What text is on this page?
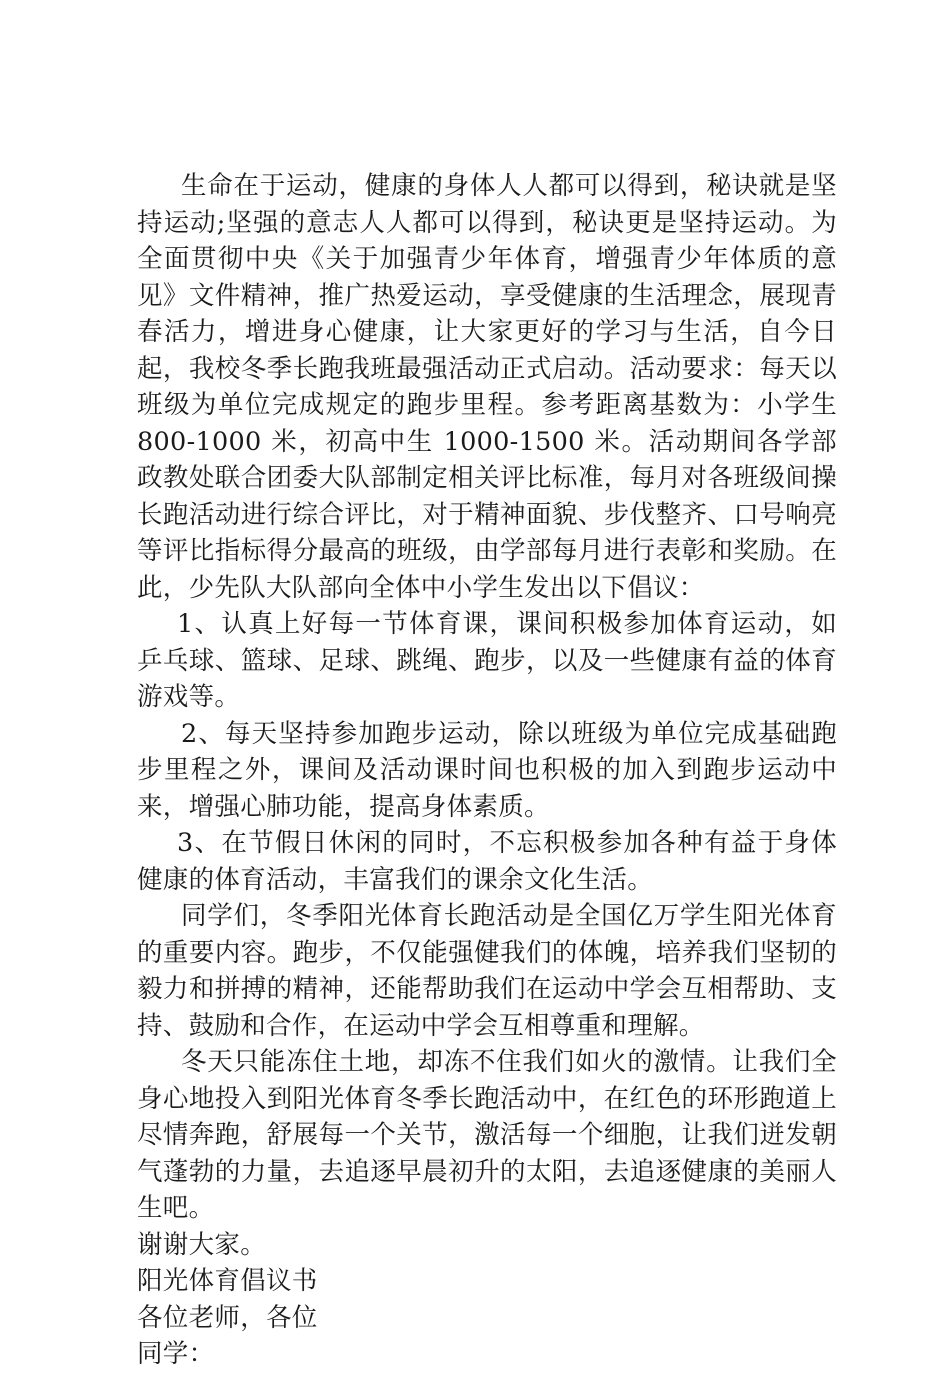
生命在于运动，健康的身体人人都可以得到，秘诀就是坚持运动;坚强的意志人人都可以得到，秘诀更是坚持运动。为全面贯彻中央《关于加强青少年体育，增强青少年体质的意见》文件精神，推广热爱运动，享受健康的生活理念，展现青春活力，增进身心健康，让大家更好的学习与生活，自今日起，我校冬季长跑我班最强活动正式启动。活动要求：每天以班级为单位完成规定的跑步里程。参考距离基数为：小学生 800-1000 米，初高中生 1000-1500 米。活动期间各学部政教处联合团委大队部制定相关评比标准，每月对各班级间操长跑活动进行综合评比，对于精神面貌、步伐整齐、口号响亮等评比指标得分最高的班级，由学部每月进行表彰和奖励。在此，少先队大队部向全体中小学生发出以下倡议：

1、认真上好每一节体育课，课间积极参加体育运动，如乒乓球、篮球、足球、跳绳、跑步，以及一些健康有益的体育游戏等。

2、每天坚持参加跑步运动，除以班级为单位完成基础跑步里程之外，课间及活动课时间也积极的加入到跑步运动中来，增强心肺功能，提高身体素质。

3、在节假日休闲的同时，不忘积极参加各种有益于身体健康的体育活动，丰富我们的课余文化生活。

同学们，冬季阳光体育长跑活动是全国亿万学生阳光体育的重要内容。跑步，不仅能强健我们的体魄，培养我们坚韧的毅力和拼搏的精神，还能帮助我们在运动中学会互相帮助、支持、鼓励和合作，在运动中学会互相尊重和理解。

冬天只能冻住土地，却冻不住我们如火的激情。让我们全身心地投入到阳光体育冬季长跑活动中，在红色的环形跑道上尽情奔跑，舒展每一个关节，激活每一个细胞，让我们迸发朝气蓬勃的力量，去追逐早晨初升的太阳，去追逐健康的美丽人生吧。

谢谢大家。

阳光体育倡议书

各位老师，各位

同学：
